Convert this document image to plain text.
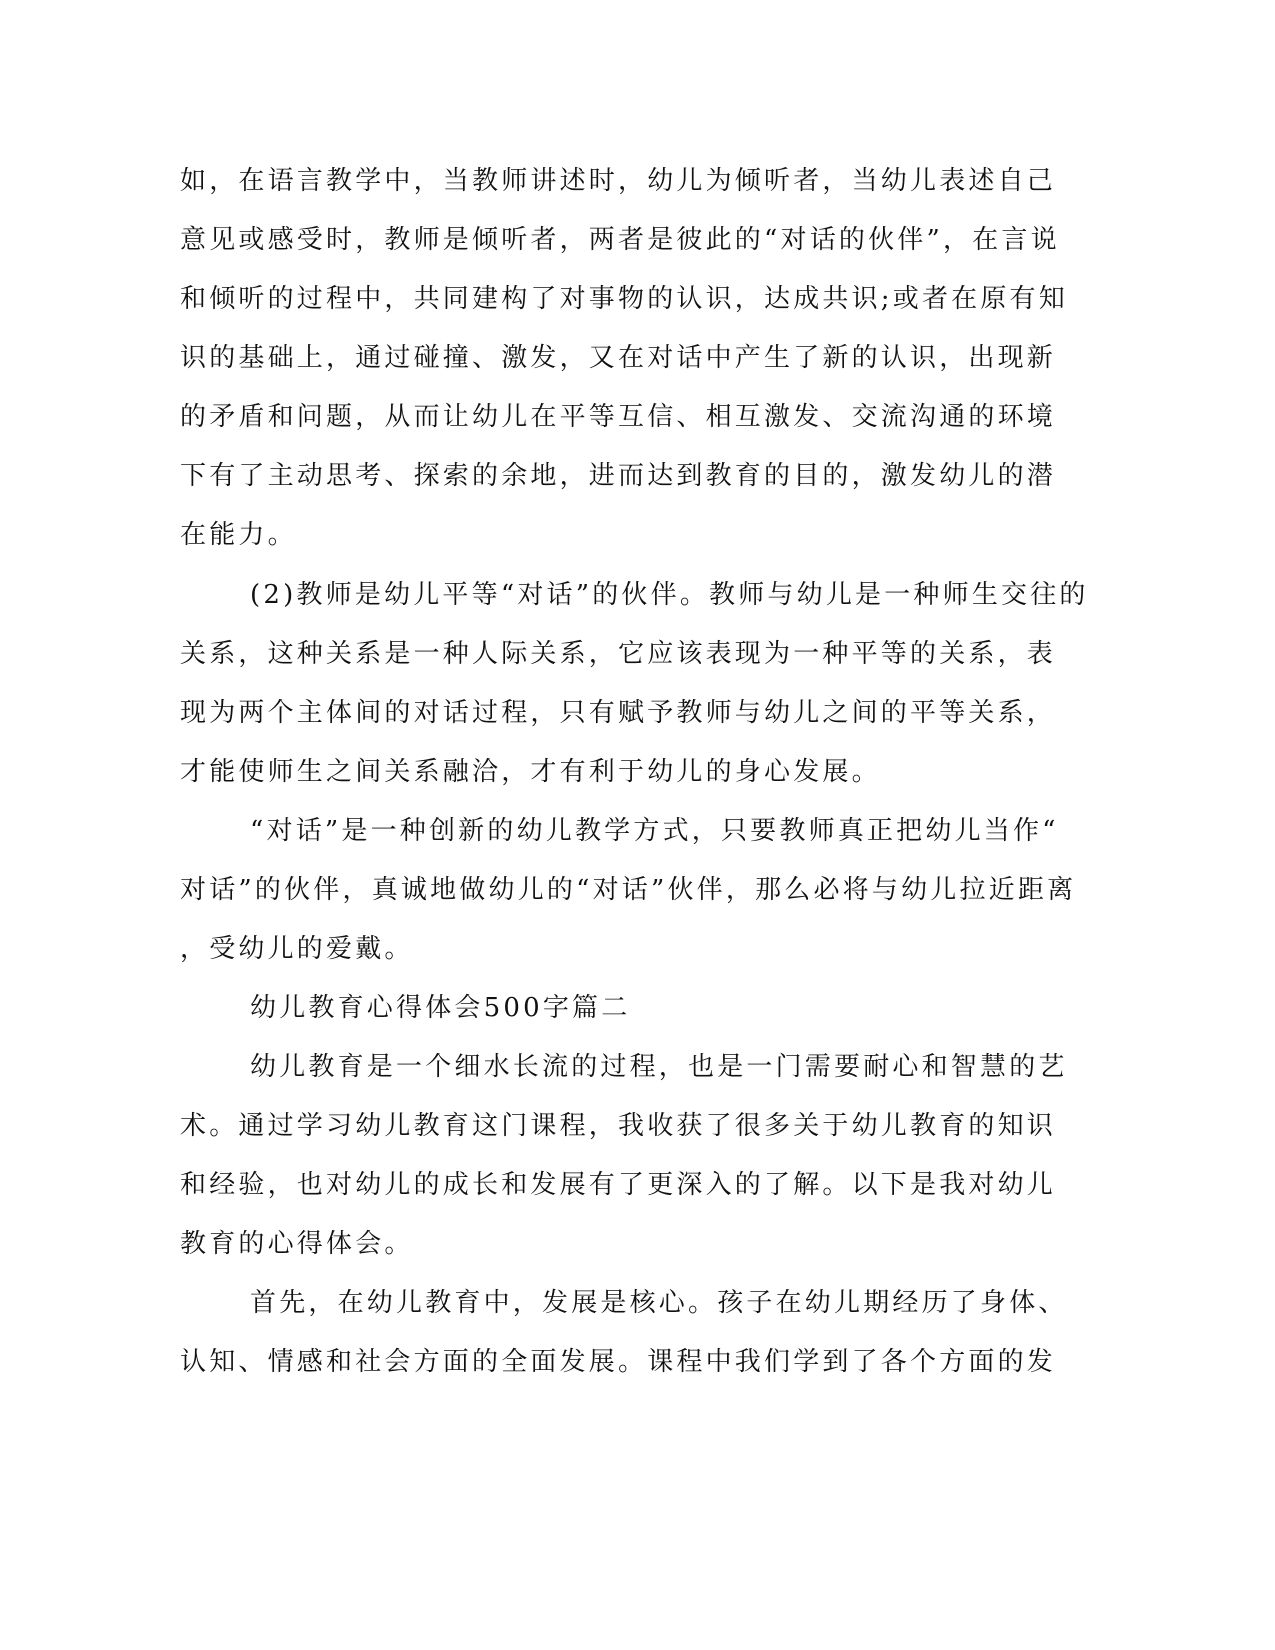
如，在语言教学中，当教师讲述时，幼儿为倾听者，当幼儿表述自己
意见或感受时，教师是倾听者，两者是彼此的“对话的伙伴”，在言说
和倾听的过程中，共同建构了对事物的认识，达成共识;或者在原有知
识的基础上，通过碰撞、激发，又在对话中产生了新的认识，出现新
的矛盾和问题，从而让幼儿在平等互信、相互激发、交流沟通的环境
下有了主动思考、探索的余地，进而达到教育的目的，激发幼儿的潜
在能力。
(2)教师是幼儿平等“对话”的伙伴。教师与幼儿是一种师生交往的
关系，这种关系是一种人际关系，它应该表现为一种平等的关系，表
现为两个主体间的对话过程，只有赋予教师与幼儿之间的平等关系，
才能使师生之间关系融洽，才有利于幼儿的身心发展。
“对话”是一种创新的幼儿教学方式，只要教师真正把幼儿当作“
对话”的伙伴，真诚地做幼儿的“对话”伙伴，那么必将与幼儿拉近距离
，受幼儿的爱戴。
幼儿教育心得体会500字篇二
幼儿教育是一个细水长流的过程，也是一门需要耐心和智慧的艺
术。通过学习幼儿教育这门课程，我收获了很多关于幼儿教育的知识
和经验，也对幼儿的成长和发展有了更深入的了解。以下是我对幼儿
教育的心得体会。
首先，在幼儿教育中，发展是核心。孩子在幼儿期经历了身体、
认知、情感和社会方面的全面发展。课程中我们学到了各个方面的发
